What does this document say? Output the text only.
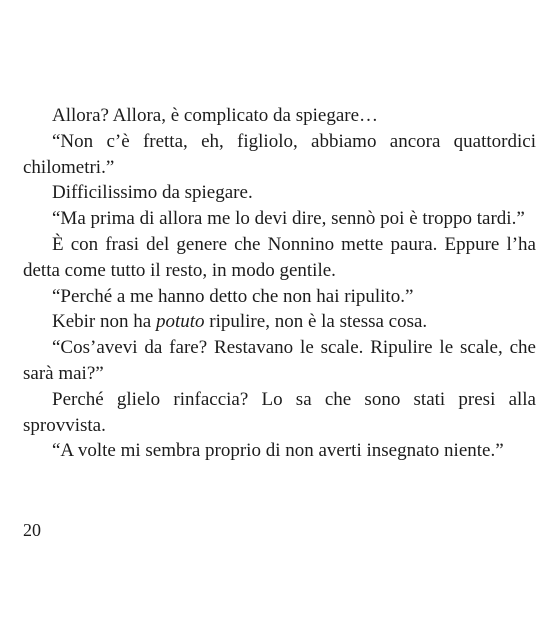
Allora? Allora, è complicato da spiegare…

“Non c’è fretta, eh, figliolo, abbiamo ancora quattordici chilometri.”

Difficilissimo da spiegare.

“Ma prima di allora me lo devi dire, sennò poi è troppo tardi.”

È con frasi del genere che Nonnino mette paura. Eppure l’ha detta come tutto il resto, in modo gentile.

“Perché a me hanno detto che non hai ripulito.”

Kebir non ha potuto ripulire, non è la stessa cosa.

“Cos’avevi da fare? Restavano le scale. Ripulire le scale, che sarà mai?”

Perché glielo rinfaccia? Lo sa che sono stati presi alla sprovvista.

“A volte mi sembra proprio di non averti insegnato niente.”

20
